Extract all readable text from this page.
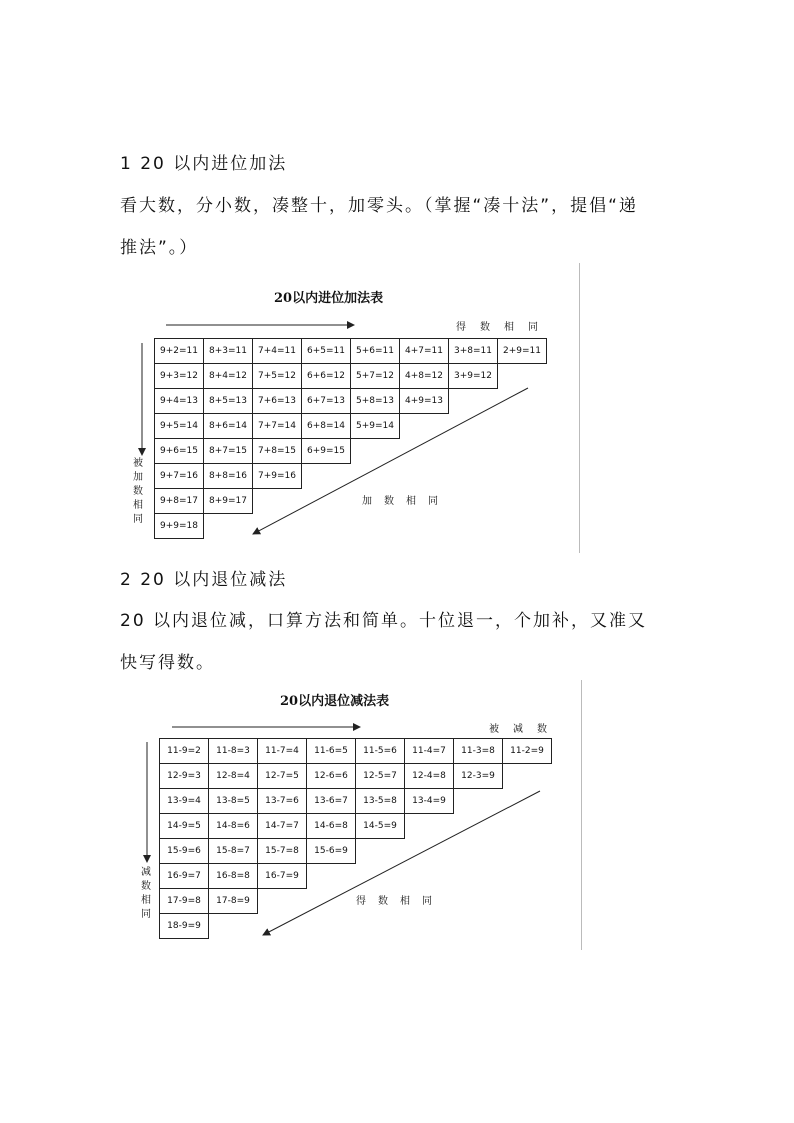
1 20 以内进位加法
看大数，分小数，凑整十，加零头。（掌握“凑十法”，提倡“递
推法”。）
20以内进位加法表
得数相同
加数相同
被加数相同
9+2=11	8+3=11	7+4=11	6+5=11	5+6=11	4+7=11	3+8=11	2+9=11
9+3=12	8+4=12	7+5=12	6+6=12	5+7=12	4+8=12	3+9=12
9+4=13	8+5=13	7+6=13	6+7=13	5+8=13	4+9=13
9+5=14	8+6=14	7+7=14	6+8=14	5+9=14
9+6=15	8+7=15	7+8=15	6+9=15
9+7=16	8+8=16	7+9=16
9+8=17	8+9=17
9+9=18
2 20 以内退位减法
20 以内退位减，口算方法和简单。十位退一，个加补，又准又
快写得数。
20以内退位减法表
被减数
得数相同
减数相同
11-9=2	11-8=3	11-7=4	11-6=5	11-5=6	11-4=7	11-3=8	11-2=9
12-9=3	12-8=4	12-7=5	12-6=6	12-5=7	12-4=8	12-3=9
13-9=4	13-8=5	13-7=6	13-6=7	13-5=8	13-4=9
14-9=5	14-8=6	14-7=7	14-6=8	14-5=9
15-9=6	15-8=7	15-7=8	15-6=9
16-9=7	16-8=8	16-7=9
17-9=8	17-8=9
18-9=9
